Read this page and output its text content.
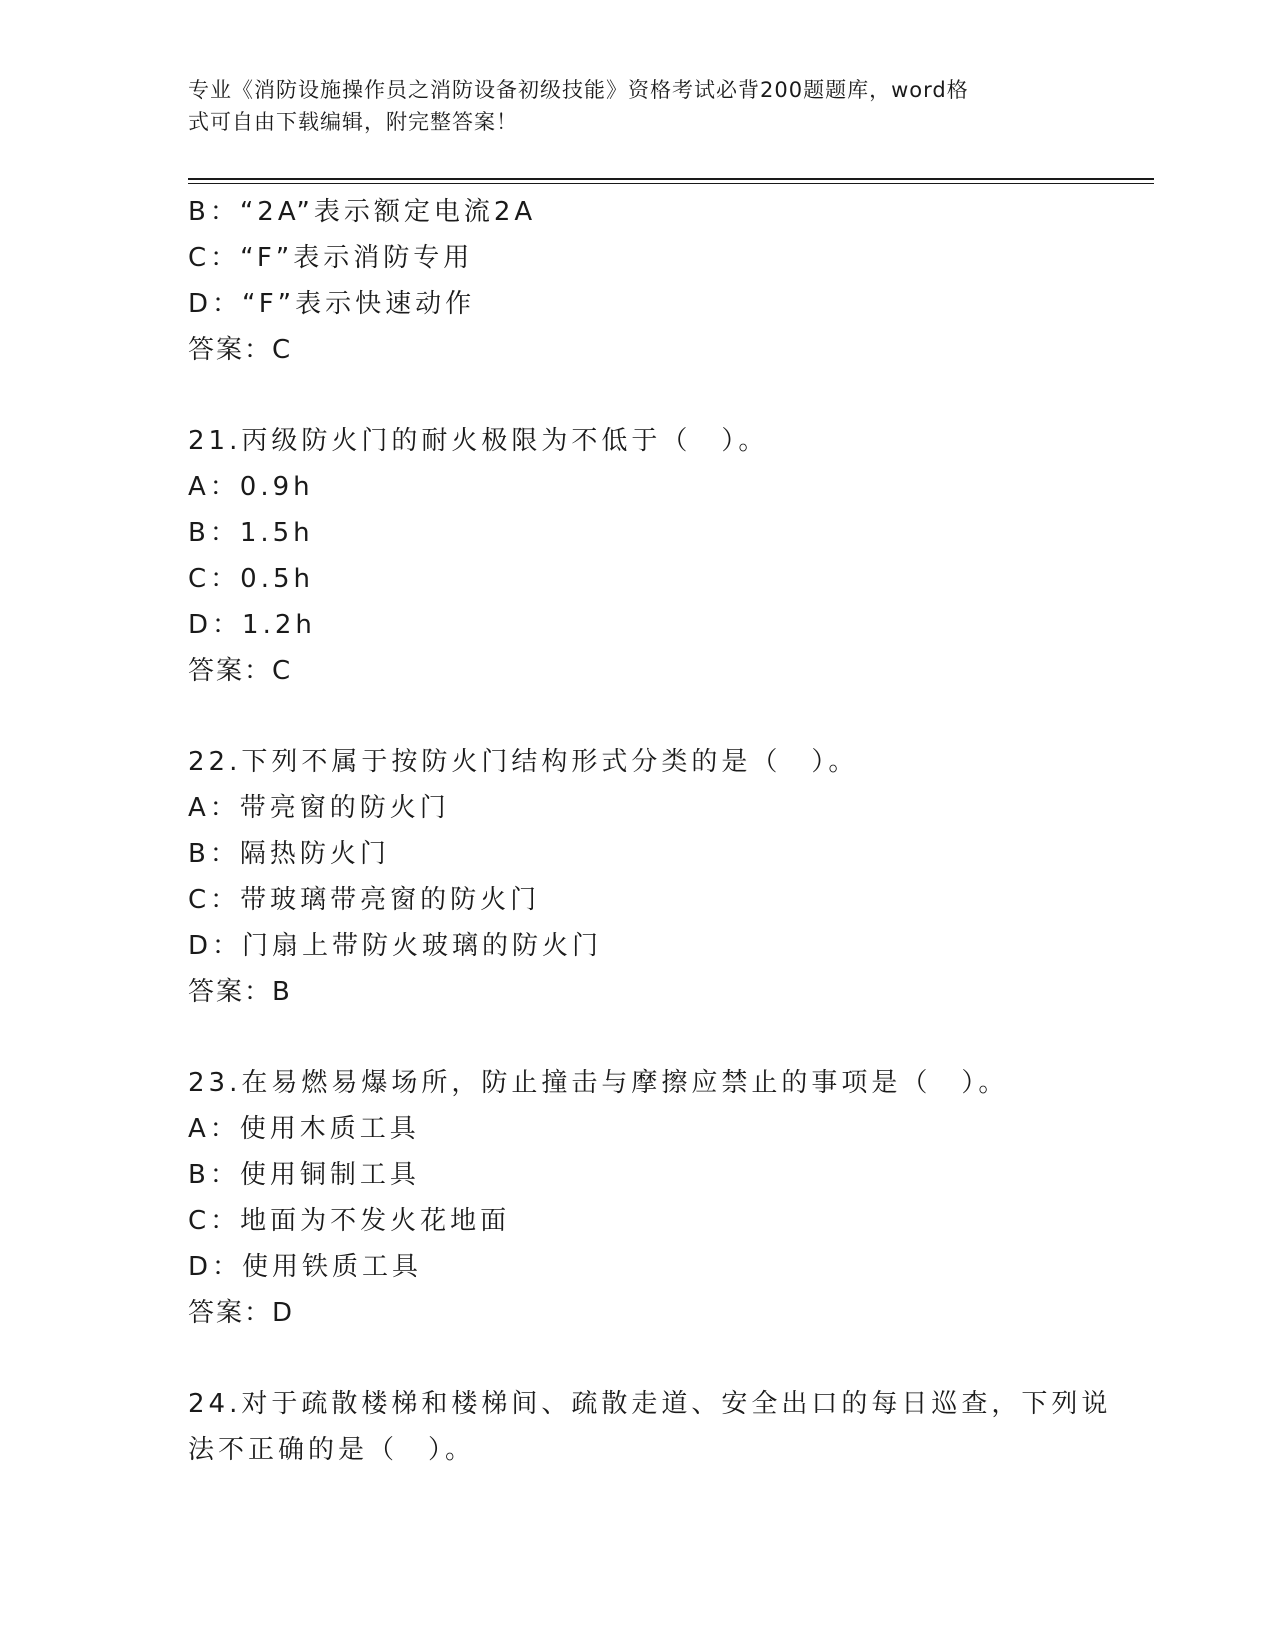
专业《消防设施操作员之消防设备初级技能》资格考试必背200题题库，word格
式可自由下载编辑，附完整答案！
B：“2A”表示额定电流2A
C：“F”表示消防专用
D：“F”表示快速动作
答案：C
21.丙级防火门的耐火极限为不低于（　）。
A：0.9h
B：1.5h
C：0.5h
D：1.2h
答案：C
22.下列不属于按防火门结构形式分类的是（　）。
A：带亮窗的防火门
B：隔热防火门
C：带玻璃带亮窗的防火门
D：门扇上带防火玻璃的防火门
答案：B
23.在易燃易爆场所，防止撞击与摩擦应禁止的事项是（　）。
A：使用木质工具
B：使用铜制工具
C：地面为不发火花地面
D：使用铁质工具
答案：D
24.对于疏散楼梯和楼梯间、疏散走道、安全出口的每日巡查，下列说
法不正确的是（　）。
